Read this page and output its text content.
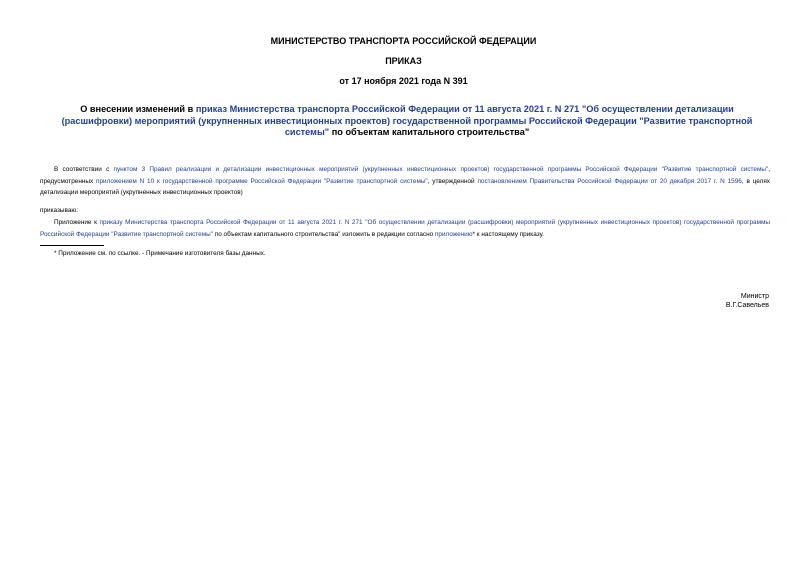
МИНИСТЕРСТВО ТРАНСПОРТА РОССИЙСКОЙ ФЕДЕРАЦИИ
ПРИКАЗ
от 17 ноября 2021 года N 391
О внесении изменений в приказ Министерства транспорта Российской Федерации от 11 августа 2021 г. N 271 "Об осуществлении детализации (расшифровки) мероприятий (укрупненных инвестиционных проектов) государственной программы Российской Федерации "Развитие транспортной системы" по объектам капитального строительства"
В соответствии с пунктом 3 Правил реализации и детализации инвестиционных мероприятий (укрупненных инвестиционных проектов) государственной программы Российской Федерации "Развитие транспортной системы", предусмотренных приложением N 10 к государственной программе Российской Федерации "Развитие транспортной системы", утвержденной постановлением Правительства Российской Федерации от 20 декабря 2017 г. N 1596, в целях детализации мероприятий (укрупненных инвестиционных проектов)
приказываю:
Приложение к приказу Министерства транспорта Российской Федерации от 11 августа 2021 г. N 271 "Об осуществлении детализации (расшифровки) мероприятий (укрупненных инвестиционных проектов) государственной программы Российской Федерации "Развитие транспортной системы" по объектам капитального строительства" изложить в редакции согласно приложению* к настоящему приказу.
* Приложение см. по ссылке. - Примечание изготовителя базы данных.
Министр
В.Г.Савельев
